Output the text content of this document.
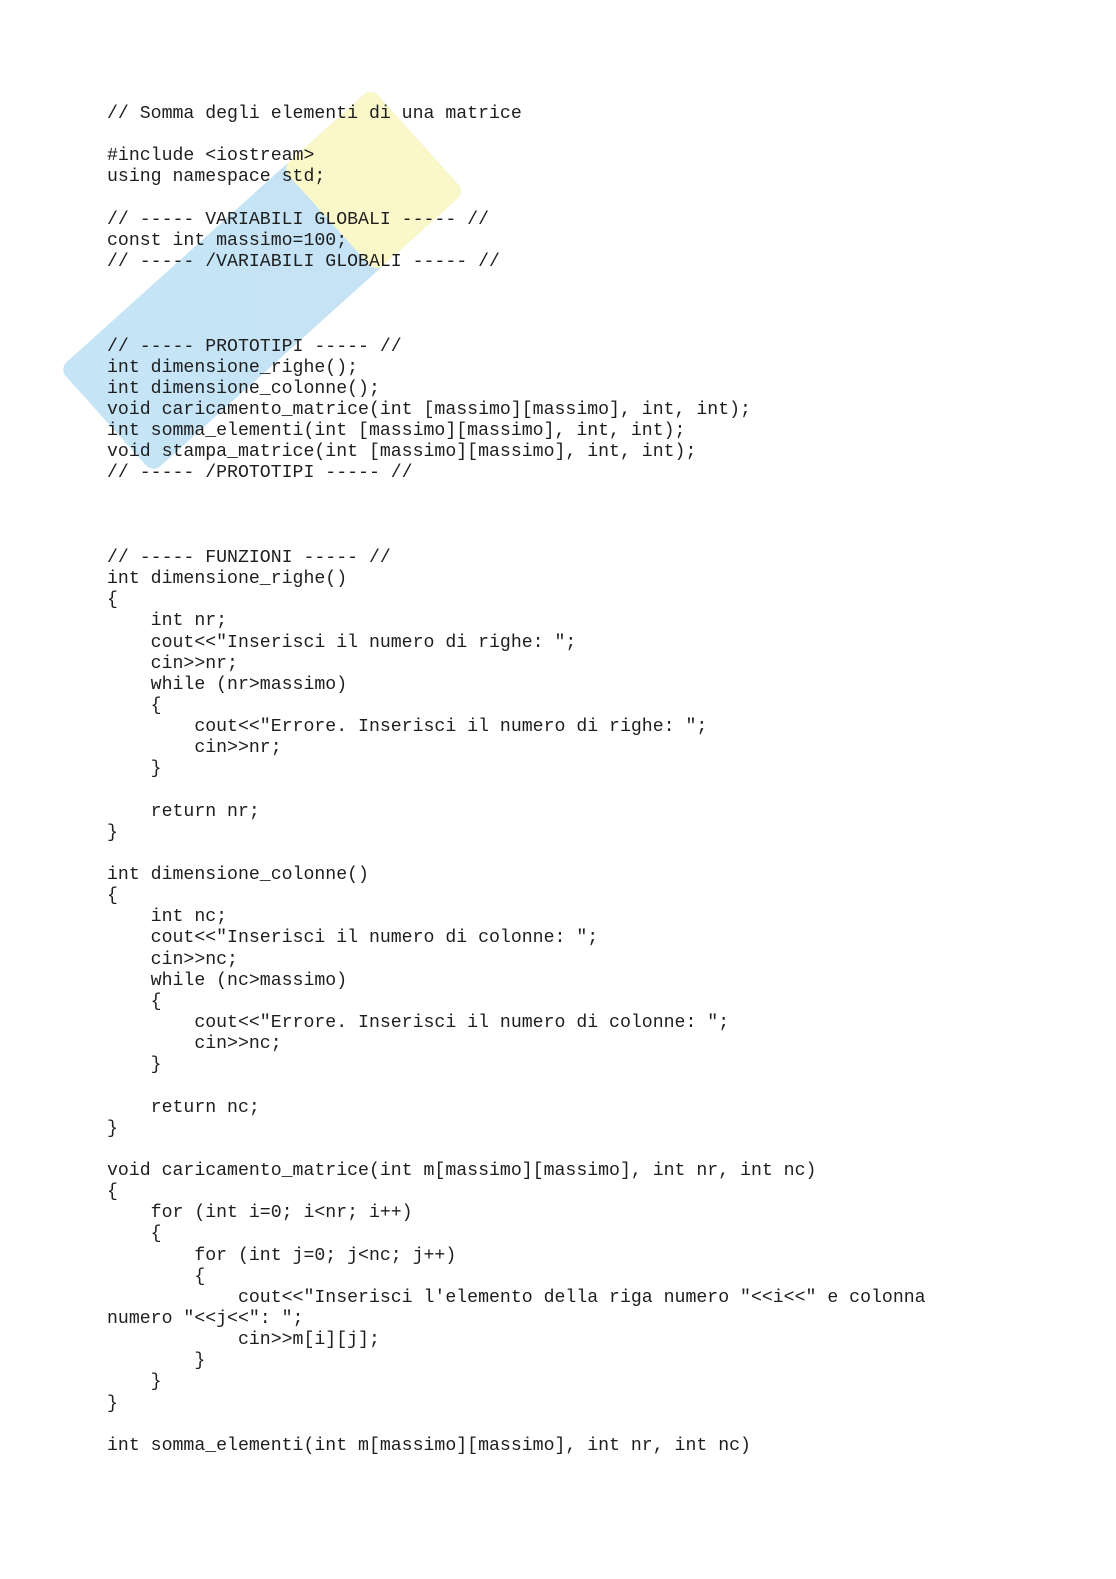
// Somma degli elementi di una matrice
#include <iostream>
using namespace std;
// ----- VARIABILI GLOBALI ----- //
const int massimo=100;
// ----- /VARIABILI GLOBALI ----- //
// ----- PROTOTIPI ----- //
int dimensione_righe();
int dimensione_colonne();
void caricamento_matrice(int [massimo][massimo], int, int);
int somma_elementi(int [massimo][massimo], int, int);
void stampa_matrice(int [massimo][massimo], int, int);
// ----- /PROTOTIPI ----- //
// ----- FUNZIONI ----- //
int dimensione_righe()
{
int nr;
cout<<"Inserisci il numero di righe: ";
cin>>nr;
while (nr>massimo)
{
cout<<"Errore. Inserisci il numero di righe: ";
cin>>nr;
}
return nr;
}
int dimensione_colonne()
{
int nc;
cout<<"Inserisci il numero di colonne: ";
cin>>nc;
while (nc>massimo)
{
cout<<"Errore. Inserisci il numero di colonne: ";
cin>>nc;
}
return nc;
}
void caricamento_matrice(int m[massimo][massimo], int nr, int nc)
{
for (int i=0; i<nr; i++)
{
for (int j=0; j<nc; j++)
{
cout<<"Inserisci l'elemento della riga numero "<<i<<" e colonna
numero "<<j<<": ";
cin>>m[i][j];
}
}
}
int somma_elementi(int m[massimo][massimo], int nr, int nc)
